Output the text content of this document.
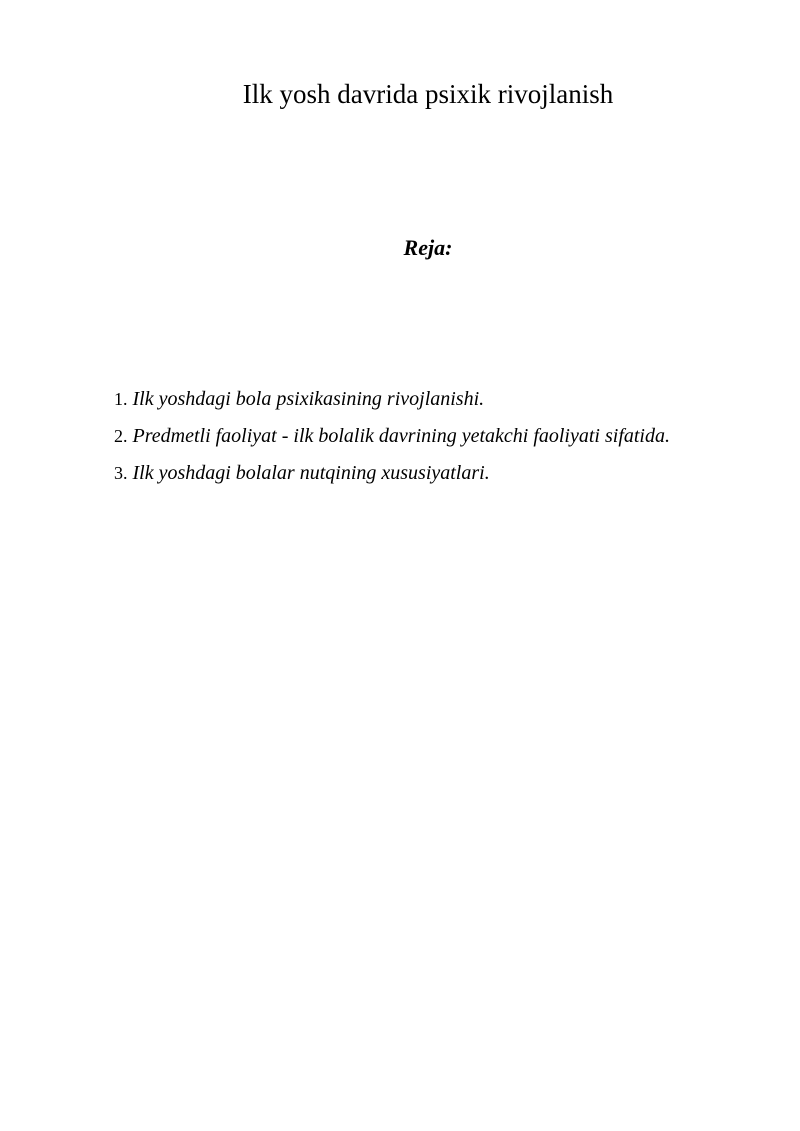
Ilk yosh davrida psixik rivojlanish
Reja:
1. Ilk yoshdagi bola psixikasining rivojlanishi.
2. Predmetli faoliyat - ilk bolalik davrining yetakchi faoliyati sifatida.
3. Ilk yoshdagi bolalar nutqining xususiyatlari.
